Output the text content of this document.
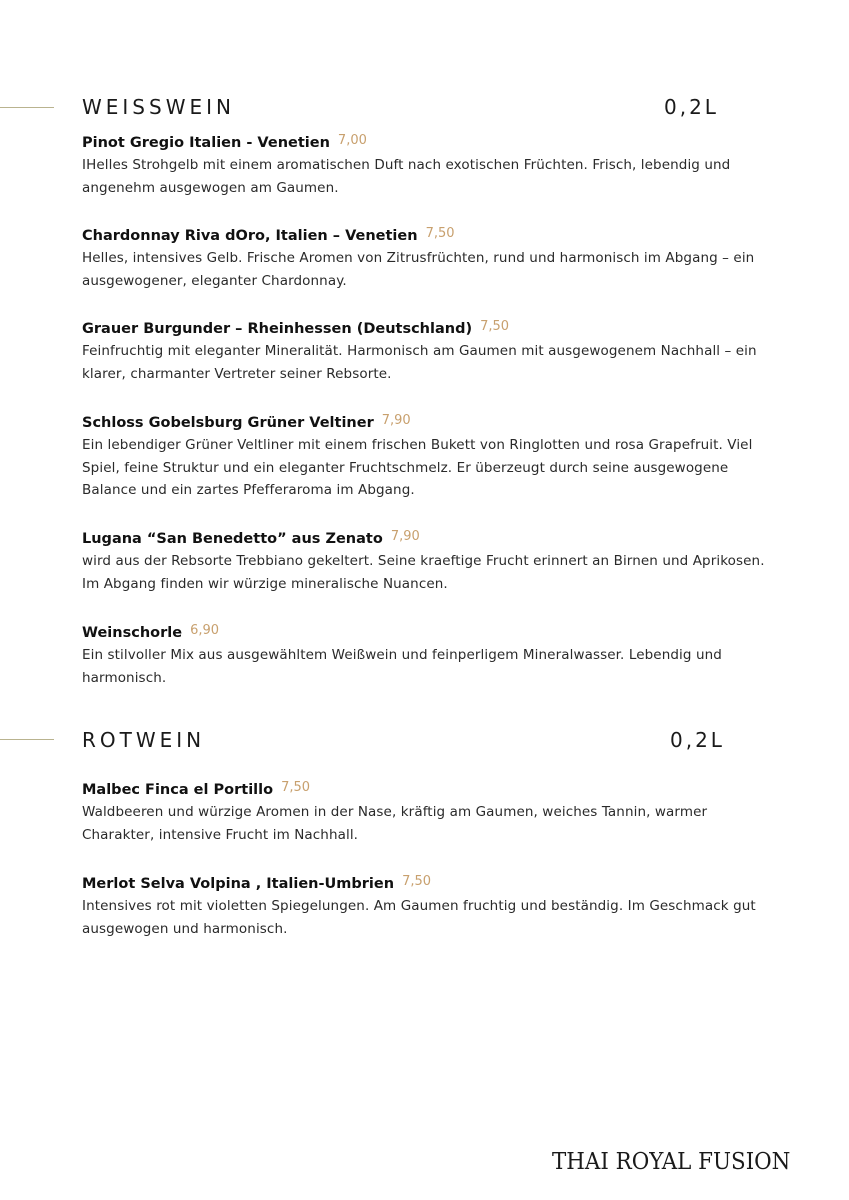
WEISSWEIN	0,2L
Pinot Gregio Italien - Venetien 7,00
IHelles Strohgelb mit einem aromatischen Duft nach exotischen Früchten. Frisch, lebendig und angenehm ausgewogen am Gaumen.
Chardonnay Riva dOro, Italien – Venetien 7,50
Helles, intensives Gelb. Frische Aromen von Zitrusfrüchten, rund und harmonisch im Abgang – ein ausgewogener, eleganter Chardonnay.
Grauer Burgunder – Rheinhessen (Deutschland) 7,50
Feinfruchtig mit eleganter Mineralität. Harmonisch am Gaumen mit ausgewogenem Nachhall – ein klarer, charmanter Vertreter seiner Rebsorte.
Schloss Gobelsburg Grüner Veltiner 7,90
Ein lebendiger Grüner Veltliner mit einem frischen Bukett von Ringlotten und rosa Grapefruit. Viel Spiel, feine Struktur und ein eleganter Fruchtschmelz. Er überzeugt durch seine ausgewogene Balance und ein zartes Pfefferaroma im Abgang.
Lugana “San Benedetto” aus Zenato 7,90
wird aus der Rebsorte Trebbiano gekeltert. Seine kraeftige Frucht erinnert an Birnen und Aprikosen. Im Abgang finden wir würzige mineralische Nuancen.
Weinschorle 6,90
Ein stilvoller Mix aus ausgewähltem Weißwein und feinperligem Mineralwasser. Lebendig und harmonisch.
ROTWEIN	0,2L
Malbec Finca el Portillo 7,50
Waldbeeren und würzige Aromen in der Nase, kräftig am Gaumen, weiches Tannin, warmer Charakter, intensive Frucht im Nachhall.
Merlot Selva Volpina , Italien-Umbrien 7,50
Intensives rot mit violetten Spiegelungen. Am Gaumen fruchtig und beständig. Im Geschmack gut ausgewogen und harmonisch.
THAI ROYAL FUSION
